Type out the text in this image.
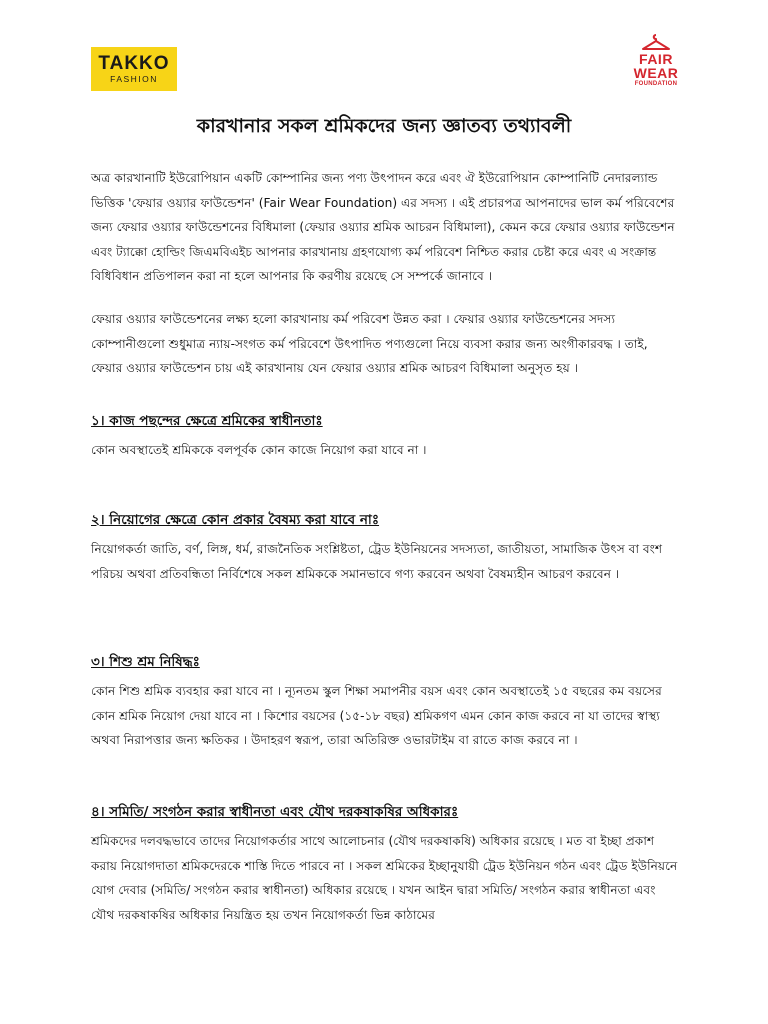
TAKKO
FASHION
FAIR
WEAR
FOUNDATION
কারখানার সকল শ্রমিকদের জন্য জ্ঞাতব্য তথ্যাবলী

অত্র কারখানাটি ইউরোপিয়ান একটি কোম্পানির জন্য পণ্য উৎপাদন করে এবং ঐ ইউরোপিয়ান কোম্পানিটি নেদারল্যান্ড ভিত্তিক 'ফেয়ার ওয়্যার ফাউন্ডেশন' (Fair Wear Foundation) এর সদস্য । এই প্রচারপত্র আপনাদের ভাল কর্ম পরিবেশের জন্য ফেয়ার ওয়্যার ফাউন্ডেশনের বিধিমালা (ফেয়ার ওয়্যার শ্রমিক আচরন বিধিমালা), কেমন করে ফেয়ার ওয়্যার ফাউন্ডেশন এবং ট্যাক্কো হোল্ডিং জিএমবিএইচ আপনার কারখানায় গ্রহণযোগ্য কর্ম পরিবেশ নিশ্চিত করার চেষ্টা করে এবং এ সংক্রান্ত বিধিবিধান প্রতিপালন করা না হলে আপনার কি করণীয় রয়েছে সে সম্পর্কে জানাবে ।

ফেয়ার ওয়্যার ফাউন্ডেশনের লক্ষ্য হলো কারখানায় কর্ম পরিবেশ উন্নত করা । ফেয়ার ওয়্যার ফাউন্ডেশনের সদস্য কোম্পানীগুলো শুধুমাত্র ন্যায়-সংগত কর্ম পরিবেশে উৎপাদিত পণ্যগুলো নিয়ে ব্যবসা করার জন্য অংগীকারবদ্ধ । তাই, ফেয়ার ওয়্যার ফাউন্ডেশন চায় এই কারখানায় যেন ফেয়ার ওয়্যার শ্রমিক আচরণ বিধিমালা অনুসৃত হয় ।

১। কাজ পছন্দের ক্ষেত্রে শ্রমিকের স্বাধীনতাঃ

কোন অবস্থাতেই শ্রমিককে বলপূর্বক কোন কাজে নিয়োগ করা যাবে না ।

২। নিয়োগের ক্ষেত্রে কোন প্রকার বৈষম্য করা যাবে নাঃ

নিয়োগকর্তা জাতি, বর্ণ, লিঙ্গ, ধর্ম, রাজনৈতিক সংশ্লিষ্টতা, ট্রেড ইউনিয়নের সদস্যতা, জাতীয়তা, সামাজিক উৎস বা বংশ পরিচয় অথবা প্রতিবন্ধিতা নির্বিশেষে সকল শ্রমিককে সমানভাবে গণ্য করবেন অথবা বৈষম্যহীন আচরণ করবেন ।

৩। শিশু শ্রম নিষিদ্ধঃ

কোন শিশু শ্রমিক ব্যবহার করা যাবে না । ন্যূনতম স্কুল শিক্ষা সমাপনীর বয়স এবং কোন অবস্থাতেই ১৫ বছরের কম বয়সের কোন শ্রমিক নিয়োগ দেয়া যাবে না । কিশোর বয়সের (১৫-১৮ বছর) শ্রমিকগণ এমন কোন কাজ করবে না যা তাদের স্বাস্থ্য অথবা নিরাপত্তার জন্য ক্ষতিকর । উদাহরণ স্বরূপ, তারা অতিরিক্ত ওভারটাইম বা রাতে কাজ করবে না ।

৪। সমিতি/ সংগঠন করার স্বাধীনতা এবং যৌথ দরকষাকষির অধিকারঃ

শ্রমিকদের দলবদ্ধভাবে তাদের নিয়োগকর্তার সাথে আলোচনার (যৌথ দরকষাকষি) অধিকার রয়েছে । মত বা ইচ্ছা প্রকাশ করায় নিয়োগদাতা শ্রমিকদেরকে শাস্তি দিতে পারবে না । সকল শ্রমিকের ইচ্ছানুযায়ী ট্রেড ইউনিয়ন গঠন এবং ট্রেড ইউনিয়নে যোগ দেবার (সমিতি/ সংগঠন করার স্বাধীনতা) অধিকার রয়েছে । যখন আইন দ্বারা সমিতি/ সংগঠন করার স্বাধীনতা এবং যৌথ দরকষাকষির অধিকার নিয়ন্ত্রিত হয় তখন নিয়োগকর্তা ভিন্ন কাঠামের
